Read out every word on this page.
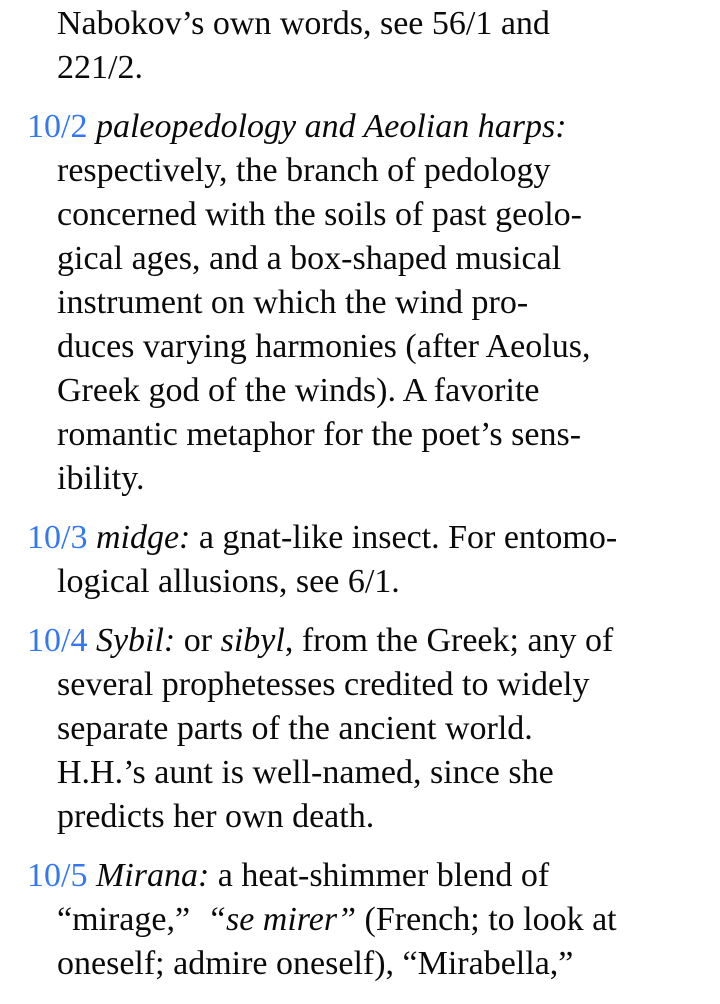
Nabokov’s own words, see 56/1 and
221/2.
10/2 paleopedology and Aeolian harps:
respectively, the branch of pedology
concerned with the soils of past geolo-
gical ages, and a box-shaped musical
instrument on which the wind pro-
duces varying harmonies (after Aeolus,
Greek god of the winds). A favorite
romantic metaphor for the poet’s sens-
ibility.
10/3 midge: a gnat-like insect. For entomo-
logical allusions, see 6/1.
10/4 Sybil: or sibyl, from the Greek; any of
several prophetesses credited to widely
separate parts of the ancient world.
H.H.’s aunt is well-named, since she
predicts her own death.
10/5 Mirana: a heat-shimmer blend of
“mirage,”  “se mirer” (French; to look at
oneself; admire oneself), “Mirabella,”
